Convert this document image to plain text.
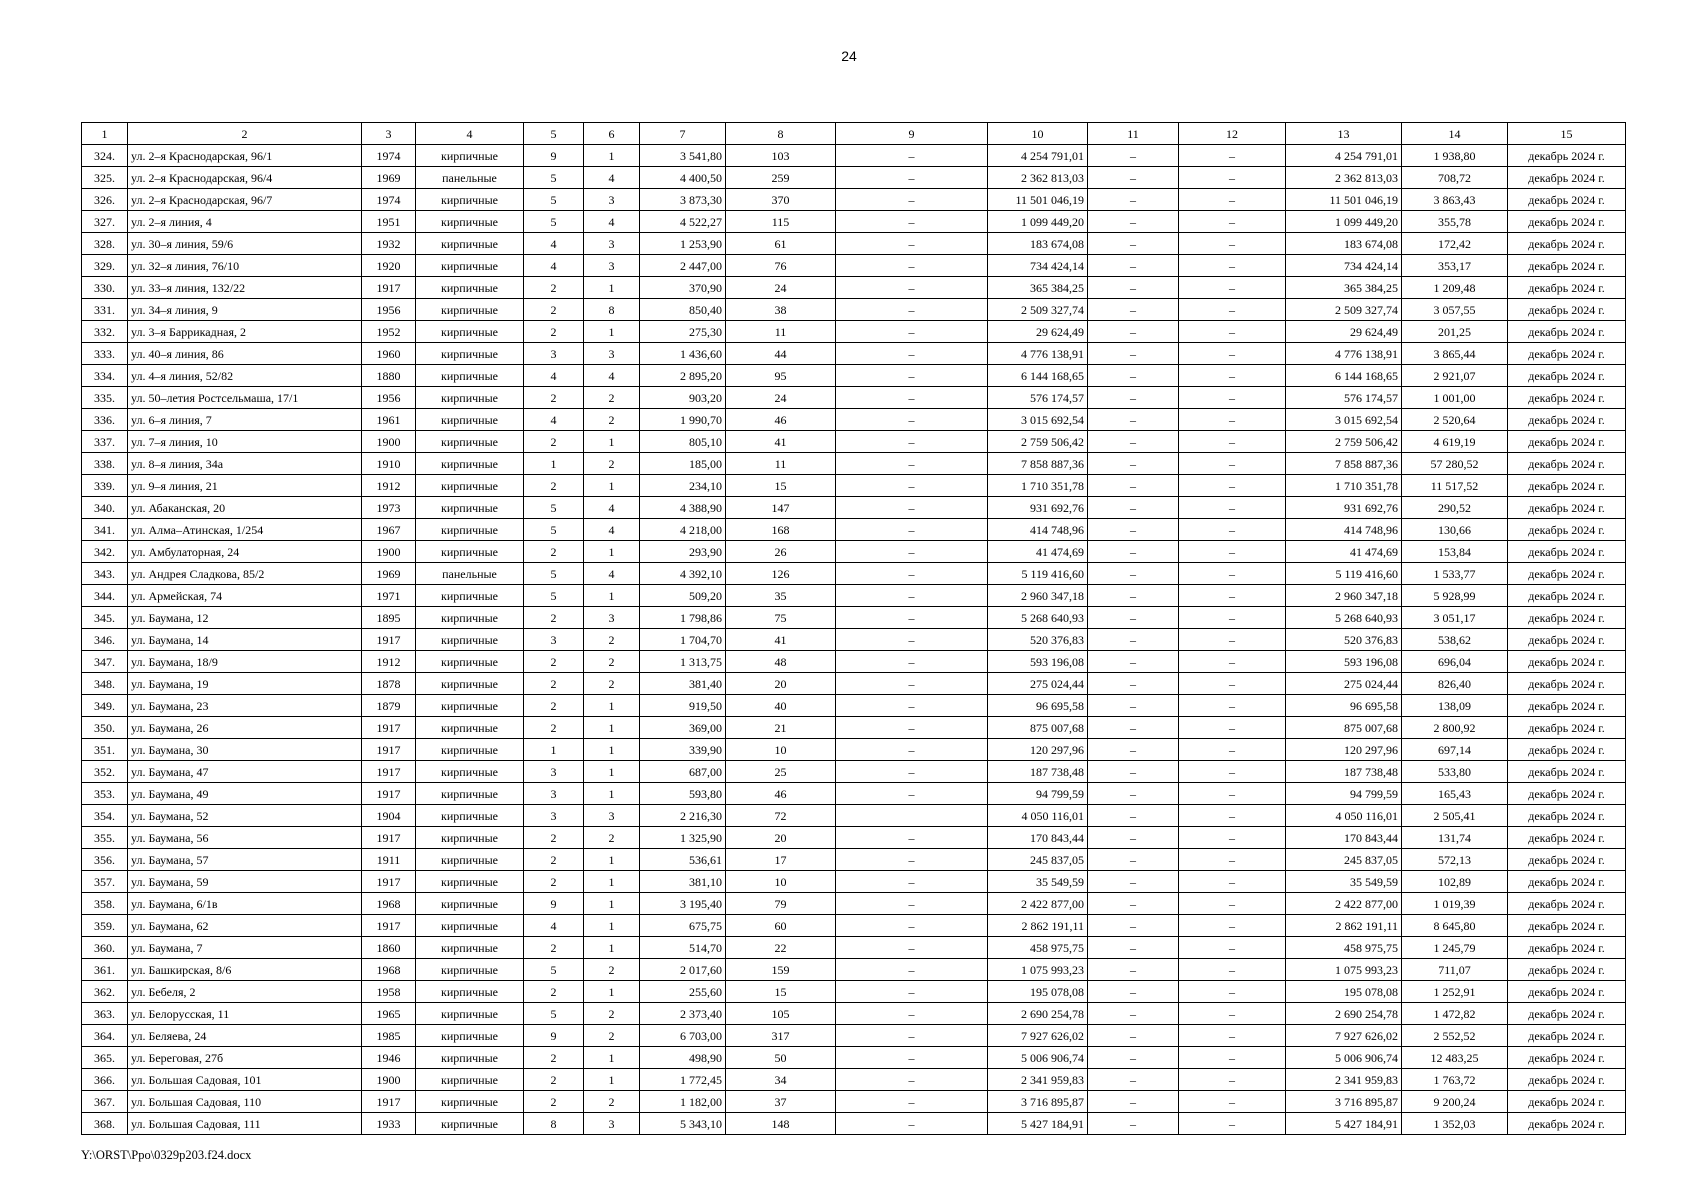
24
1	2	3	4	5	6	7	8	9	10	11	12	13	14	15
324.	ул. 2–я Краснодарская, 96/1	1974	кирпичные	9	1	3 541,80	103	–	4 254 791,01	–	–	4 254 791,01	1 938,80	декабрь 2024 г.
325.	ул. 2–я Краснодарская, 96/4	1969	панельные	5	4	4 400,50	259	–	2 362 813,03	–	–	2 362 813,03	708,72	декабрь 2024 г.
326.	ул. 2–я Краснодарская, 96/7	1974	кирпичные	5	3	3 873,30	370	–	11 501 046,19	–	–	11 501 046,19	3 863,43	декабрь 2024 г.
327.	ул. 2–я линия, 4	1951	кирпичные	5	4	4 522,27	115	–	1 099 449,20	–	–	1 099 449,20	355,78	декабрь 2024 г.
328.	ул. 30–я линия, 59/6	1932	кирпичные	4	3	1 253,90	61	–	183 674,08	–	–	183 674,08	172,42	декабрь 2024 г.
329.	ул. 32–я линия, 76/10	1920	кирпичные	4	3	2 447,00	76	–	734 424,14	–	–	734 424,14	353,17	декабрь 2024 г.
330.	ул. 33–я линия, 132/22	1917	кирпичные	2	1	370,90	24	–	365 384,25	–	–	365 384,25	1 209,48	декабрь 2024 г.
331.	ул. 34–я линия, 9	1956	кирпичные	2	8	850,40	38	–	2 509 327,74	–	–	2 509 327,74	3 057,55	декабрь 2024 г.
332.	ул. 3–я Баррикадная, 2	1952	кирпичные	2	1	275,30	11	–	29 624,49	–	–	29 624,49	201,25	декабрь 2024 г.
333.	ул. 40–я линия, 86	1960	кирпичные	3	3	1 436,60	44	–	4 776 138,91	–	–	4 776 138,91	3 865,44	декабрь 2024 г.
334.	ул. 4–я линия, 52/82	1880	кирпичные	4	4	2 895,20	95	–	6 144 168,65	–	–	6 144 168,65	2 921,07	декабрь 2024 г.
335.	ул. 50–летия Ростсельмаша, 17/1	1956	кирпичные	2	2	903,20	24	–	576 174,57	–	–	576 174,57	1 001,00	декабрь 2024 г.
336.	ул. 6–я линия, 7	1961	кирпичные	4	2	1 990,70	46	–	3 015 692,54	–	–	3 015 692,54	2 520,64	декабрь 2024 г.
337.	ул. 7–я линия, 10	1900	кирпичные	2	1	805,10	41	–	2 759 506,42	–	–	2 759 506,42	4 619,19	декабрь 2024 г.
338.	ул. 8–я линия, 34а	1910	кирпичные	1	2	185,00	11	–	7 858 887,36	–	–	7 858 887,36	57 280,52	декабрь 2024 г.
339.	ул. 9–я линия, 21	1912	кирпичные	2	1	234,10	15	–	1 710 351,78	–	–	1 710 351,78	11 517,52	декабрь 2024 г.
340.	ул. Абаканская, 20	1973	кирпичные	5	4	4 388,90	147	–	931 692,76	–	–	931 692,76	290,52	декабрь 2024 г.
341.	ул. Алма–Атинская, 1/254	1967	кирпичные	5	4	4 218,00	168	–	414 748,96	–	–	414 748,96	130,66	декабрь 2024 г.
342.	ул. Амбулаторная, 24	1900	кирпичные	2	1	293,90	26	–	41 474,69	–	–	41 474,69	153,84	декабрь 2024 г.
343.	ул. Андрея Сладкова, 85/2	1969	панельные	5	4	4 392,10	126	–	5 119 416,60	–	–	5 119 416,60	1 533,77	декабрь 2024 г.
344.	ул. Армейская, 74	1971	кирпичные	5	1	509,20	35	–	2 960 347,18	–	–	2 960 347,18	5 928,99	декабрь 2024 г.
345.	ул. Баумана, 12	1895	кирпичные	2	3	1 798,86	75	–	5 268 640,93	–	–	5 268 640,93	3 051,17	декабрь 2024 г.
346.	ул. Баумана, 14	1917	кирпичные	3	2	1 704,70	41	–	520 376,83	–	–	520 376,83	538,62	декабрь 2024 г.
347.	ул. Баумана, 18/9	1912	кирпичные	2	2	1 313,75	48	–	593 196,08	–	–	593 196,08	696,04	декабрь 2024 г.
348.	ул. Баумана, 19	1878	кирпичные	2	2	381,40	20	–	275 024,44	–	–	275 024,44	826,40	декабрь 2024 г.
349.	ул. Баумана, 23	1879	кирпичные	2	1	919,50	40	–	96 695,58	–	–	96 695,58	138,09	декабрь 2024 г.
350.	ул. Баумана, 26	1917	кирпичные	2	1	369,00	21	–	875 007,68	–	–	875 007,68	2 800,92	декабрь 2024 г.
351.	ул. Баумана, 30	1917	кирпичные	1	1	339,90	10	–	120 297,96	–	–	120 297,96	697,14	декабрь 2024 г.
352.	ул. Баумана, 47	1917	кирпичные	3	1	687,00	25	–	187 738,48	–	–	187 738,48	533,80	декабрь 2024 г.
353.	ул. Баумана, 49	1917	кирпичные	3	1	593,80	46	–	94 799,59	–	–	94 799,59	165,43	декабрь 2024 г.
354.	ул. Баумана, 52	1904	кирпичные	3	3	2 216,30	72		4 050 116,01	–	–	4 050 116,01	2 505,41	декабрь 2024 г.
355.	ул. Баумана, 56	1917	кирпичные	2	2	1 325,90	20	–	170 843,44	–	–	170 843,44	131,74	декабрь 2024 г.
356.	ул. Баумана, 57	1911	кирпичные	2	1	536,61	17	–	245 837,05	–	–	245 837,05	572,13	декабрь 2024 г.
357.	ул. Баумана, 59	1917	кирпичные	2	1	381,10	10	–	35 549,59	–	–	35 549,59	102,89	декабрь 2024 г.
358.	ул. Баумана, 6/1в	1968	кирпичные	9	1	3 195,40	79	–	2 422 877,00	–	–	2 422 877,00	1 019,39	декабрь 2024 г.
359.	ул. Баумана, 62	1917	кирпичные	4	1	675,75	60	–	2 862 191,11	–	–	2 862 191,11	8 645,80	декабрь 2024 г.
360.	ул. Баумана, 7	1860	кирпичные	2	1	514,70	22	–	458 975,75	–	–	458 975,75	1 245,79	декабрь 2024 г.
361.	ул. Башкирская, 8/6	1968	кирпичные	5	2	2 017,60	159	–	1 075 993,23	–	–	1 075 993,23	711,07	декабрь 2024 г.
362.	ул. Бебеля, 2	1958	кирпичные	2	1	255,60	15	–	195 078,08	–	–	195 078,08	1 252,91	декабрь 2024 г.
363.	ул. Белорусская, 11	1965	кирпичные	5	2	2 373,40	105	–	2 690 254,78	–	–	2 690 254,78	1 472,82	декабрь 2024 г.
364.	ул. Беляева, 24	1985	кирпичные	9	2	6 703,00	317	–	7 927 626,02	–	–	7 927 626,02	2 552,52	декабрь 2024 г.
365.	ул. Береговая, 27б	1946	кирпичные	2	1	498,90	50	–	5 006 906,74	–	–	5 006 906,74	12 483,25	декабрь 2024 г.
366.	ул. Большая Садовая, 101	1900	кирпичные	2	1	1 772,45	34	–	2 341 959,83	–	–	2 341 959,83	1 763,72	декабрь 2024 г.
367.	ул. Большая Садовая, 110	1917	кирпичные	2	2	1 182,00	37	–	3 716 895,87	–	–	3 716 895,87	9 200,24	декабрь 2024 г.
368.	ул. Большая Садовая, 111	1933	кирпичные	8	3	5 343,10	148	–	5 427 184,91	–	–	5 427 184,91	1 352,03	декабрь 2024 г.
Y:\ORST\Ppo\0329p203.f24.docx
